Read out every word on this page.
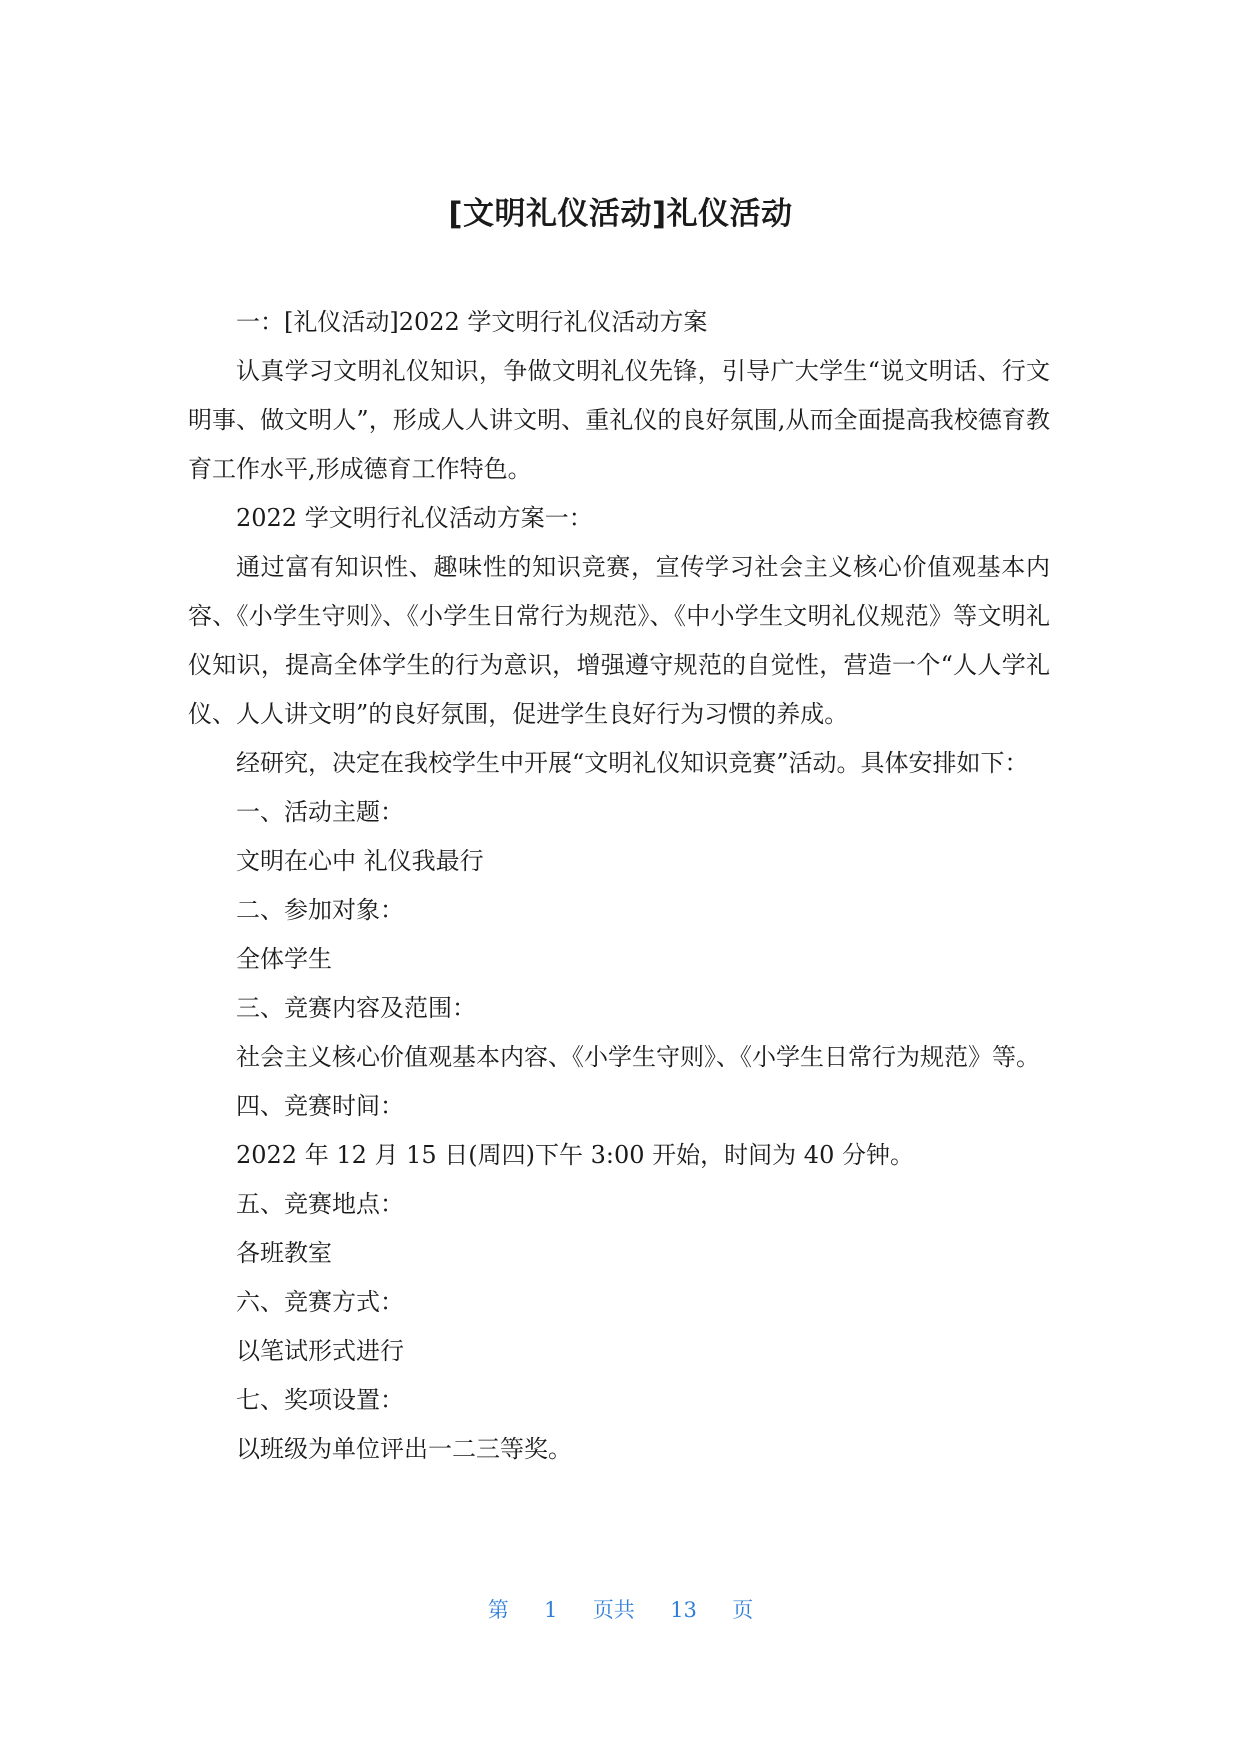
[文明礼仪活动]礼仪活动

一：[礼仪活动]2022 学文明行礼仪活动方案

认真学习文明礼仪知识，争做文明礼仪先锋，引导广大学生“说文明话、行文明事、做文明人”，形成人人讲文明、重礼仪的良好氛围,从而全面提高我校德育教育工作水平,形成德育工作特色。

2022 学文明行礼仪活动方案一：

通过富有知识性、趣味性的知识竞赛，宣传学习社会主义核心价值观基本内容、《小学生守则》、《小学生日常行为规范》、《中小学生文明礼仪规范》等文明礼仪知识，提高全体学生的行为意识，增强遵守规范的自觉性，营造一个“人人学礼仪、人人讲文明”的良好氛围，促进学生良好行为习惯的养成。

经研究，决定在我校学生中开展“文明礼仪知识竞赛”活动。具体安排如下：

一、活动主题：

文明在心中 礼仪我最行

二、参加对象：

全体学生

三、竞赛内容及范围：

社会主义核心价值观基本内容、《小学生守则》、《小学生日常行为规范》等。

四、竞赛时间：

2022 年 12 月 15 日(周四)下午 3:00 开始，时间为 40 分钟。

五、竞赛地点：

各班教室

六、竞赛方式：

以笔试形式进行

七、奖项设置：

以班级为单位评出一二三等奖。

第 1 页共 13 页
